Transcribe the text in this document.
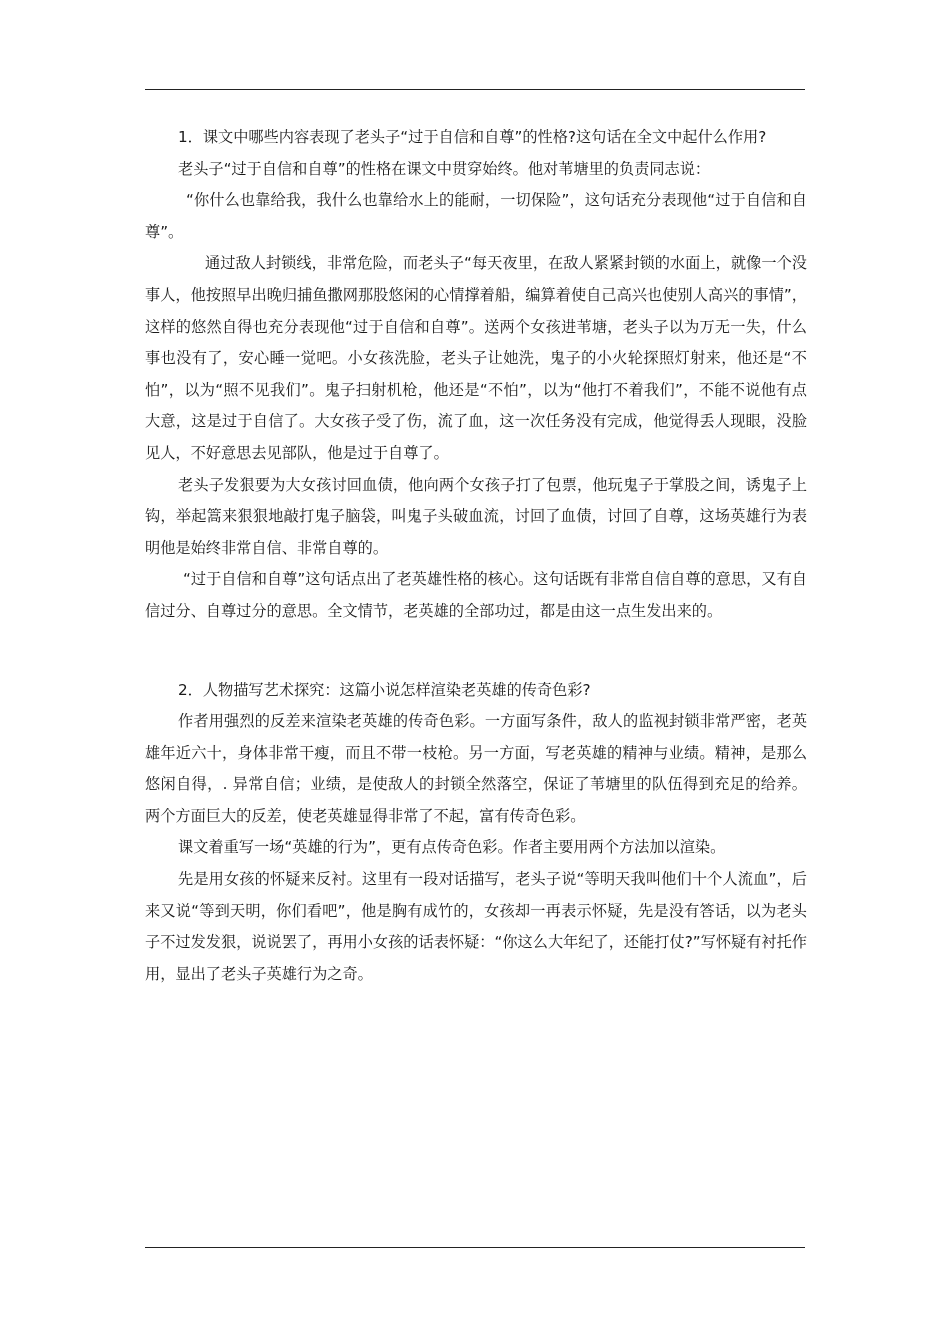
1．课文中哪些内容表现了老头子“过于自信和自尊”的性格?这句话在全文中起什么作用?

老头子“过于自信和自尊”的性格在课文中贯穿始终。他对苇塘里的负责同志说：

“你什么也靠给我，我什么也靠给水上的能耐，一切保险”，这句话充分表现他“过于自信和自尊”。

通过敌人封锁线，非常危险，而老头子“每天夜里，在敌人紧紧封锁的水面上，就像一个没事人，他按照早出晚归捕鱼撒网那股悠闲的心情撑着船，编算着使自己高兴也使别人高兴的事情”，这样的悠然自得也充分表现他“过于自信和自尊”。送两个女孩进苇塘，老头子以为万无一失，什么事也没有了，安心睡一觉吧。小女孩洗脸，老头子让她洗，鬼子的小火轮探照灯射来，他还是“不怕”，以为“照不见我们”。鬼子扫射机枪，他还是“不怕”，以为“他打不着我们”，不能不说他有点大意，这是过于自信了。大女孩子受了伤，流了血，这一次任务没有完成，他觉得丢人现眼，没脸见人，不好意思去见部队，他是过于自尊了。

老头子发狠要为大女孩讨回血债，他向两个女孩子打了包票，他玩鬼子于掌股之间，诱鬼子上钩，举起篙来狠狠地敲打鬼子脑袋，叫鬼子头破血流，讨回了血债，讨回了自尊，这场英雄行为表明他是始终非常自信、非常自尊的。

“过于自信和自尊”这句话点出了老英雄性格的核心。这句话既有非常自信自尊的意思，又有自信过分、自尊过分的意思。全文情节，老英雄的全部功过，都是由这一点生发出来的。

2．人物描写艺术探究：这篇小说怎样渲染老英雄的传奇色彩?

作者用强烈的反差来渲染老英雄的传奇色彩。一方面写条件，敌人的监视封锁非常严密，老英雄年近六十，身体非常干瘦，而且不带一枝枪。另一方面，写老英雄的精神与业绩。精神，是那么悠闲自得，. 异常自信；业绩，是使敌人的封锁全然落空，保证了苇塘里的队伍得到充足的给养。两个方面巨大的反差，使老英雄显得非常了不起，富有传奇色彩。

课文着重写一场“英雄的行为”，更有点传奇色彩。作者主要用两个方法加以渲染。

先是用女孩的怀疑来反衬。这里有一段对话描写，老头子说“等明天我叫他们十个人流血”，后来又说“等到天明，你们看吧”，他是胸有成竹的，女孩却一再表示怀疑，先是没有答话，以为老头子不过发发狠，说说罢了，再用小女孩的话表怀疑：“你这么大年纪了，还能打仗?”写怀疑有衬托作用，显出了老头子英雄行为之奇。
